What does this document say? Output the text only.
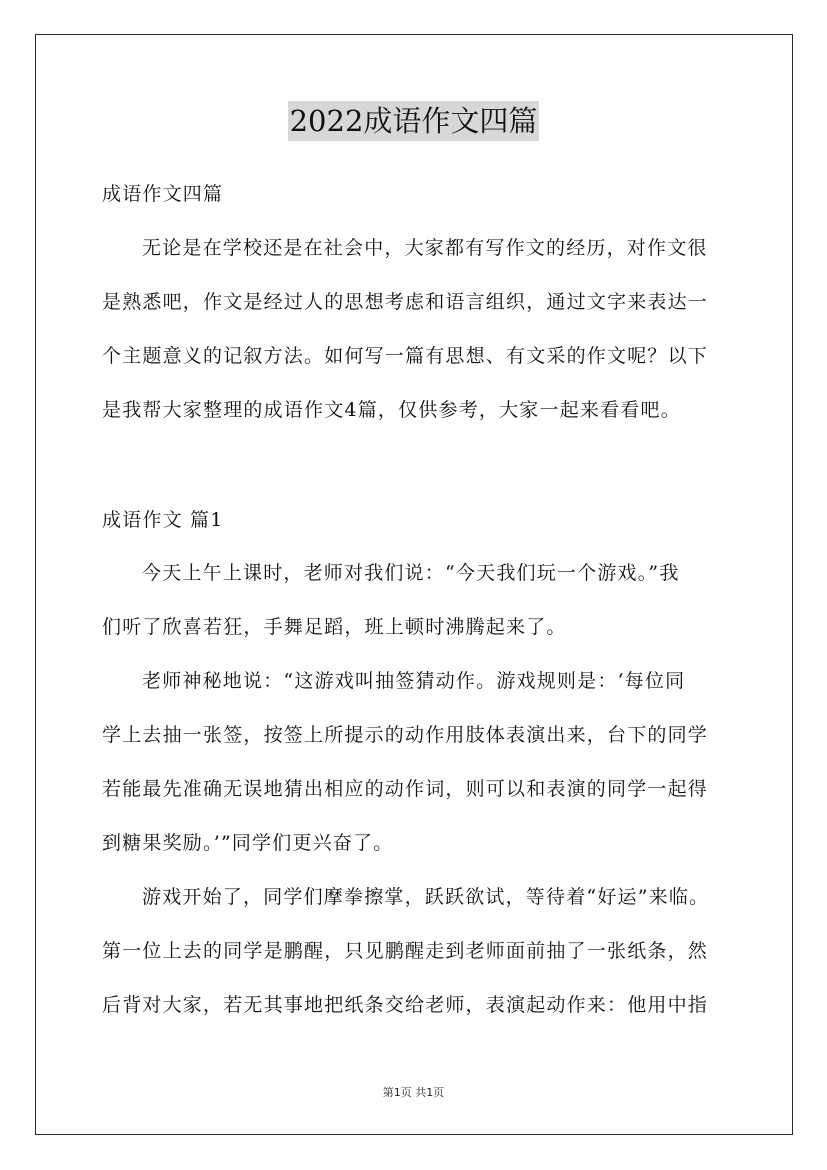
2022成语作文四篇
成语作文四篇
无论是在学校还是在社会中，大家都有写作文的经历，对作文很
是熟悉吧，作文是经过人的思想考虑和语言组织，通过文字来表达一
个主题意义的记叙方法。如何写一篇有思想、有文采的作文呢？以下
是我帮大家整理的成语作文4篇，仅供参考，大家一起来看看吧。
成语作文 篇1
今天上午上课时，老师对我们说：“今天我们玩一个游戏。”我
们听了欣喜若狂，手舞足蹈，班上顿时沸腾起来了。
老师神秘地说：“这游戏叫抽签猜动作。游戏规则是：‘每位同
学上去抽一张签，按签上所提示的动作用肢体表演出来，台下的同学
若能最先准确无误地猜出相应的动作词，则可以和表演的同学一起得
到糖果奖励。’”同学们更兴奋了。
游戏开始了，同学们摩拳擦掌，跃跃欲试，等待着“好运”来临。
第一位上去的同学是鹏醒，只见鹏醒走到老师面前抽了一张纸条，然
后背对大家，若无其事地把纸条交给老师，表演起动作来：他用中指
第1页 共1页
